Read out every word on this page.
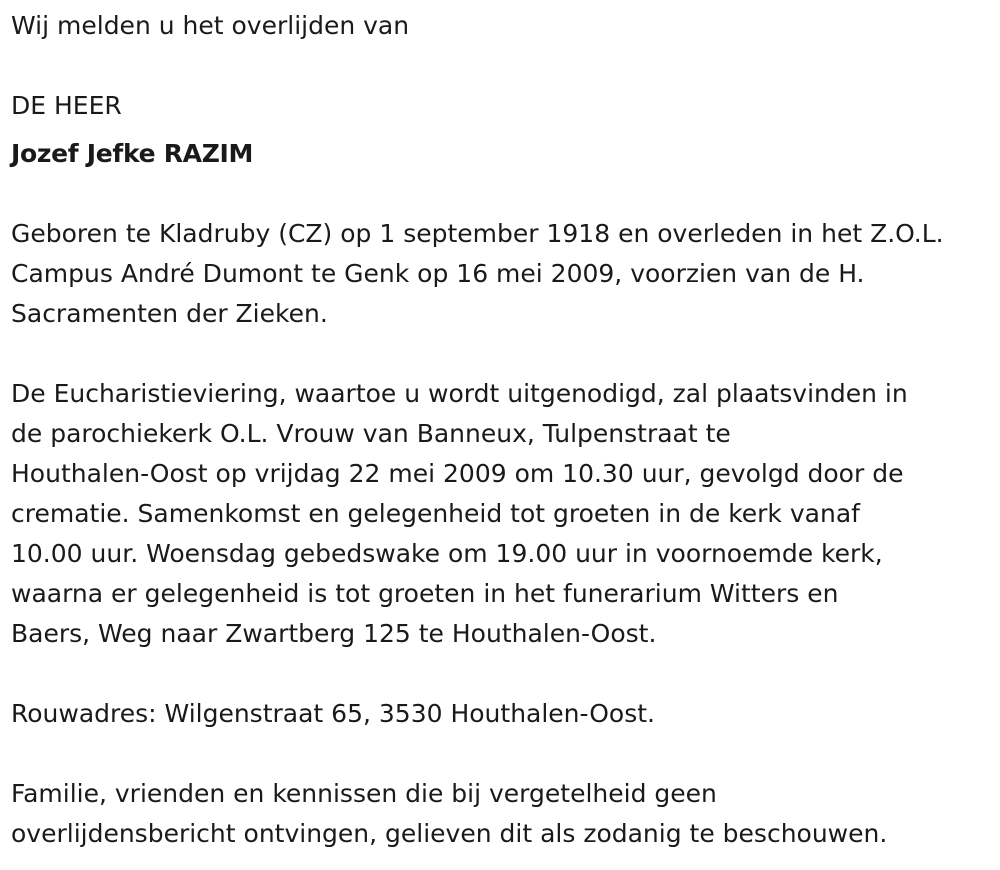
Wij melden u het overlijden van

DE HEER

Jozef Jefke RAZIM

Geboren te Kladruby (CZ) op 1 september 1918 en overleden in het Z.O.L.
Campus André Dumont te Genk op 16 mei 2009, voorzien van de H.
Sacramenten der Zieken.

De Eucharistieviering, waartoe u wordt uitgenodigd, zal plaatsvinden in
de parochiekerk O.L. Vrouw van Banneux, Tulpenstraat te
Houthalen-Oost op vrijdag 22 mei 2009 om 10.30 uur, gevolgd door de
crematie. Samenkomst en gelegenheid tot groeten in de kerk vanaf
10.00 uur. Woensdag gebedswake om 19.00 uur in voornoemde kerk,
waarna er gelegenheid is tot groeten in het funerarium Witters en
Baers, Weg naar Zwartberg 125 te Houthalen-Oost.

Rouwadres: Wilgenstraat 65, 3530 Houthalen-Oost.

Familie, vrienden en kennissen die bij vergetelheid geen
overlijdensbericht ontvingen, gelieven dit als zodanig te beschouwen.
